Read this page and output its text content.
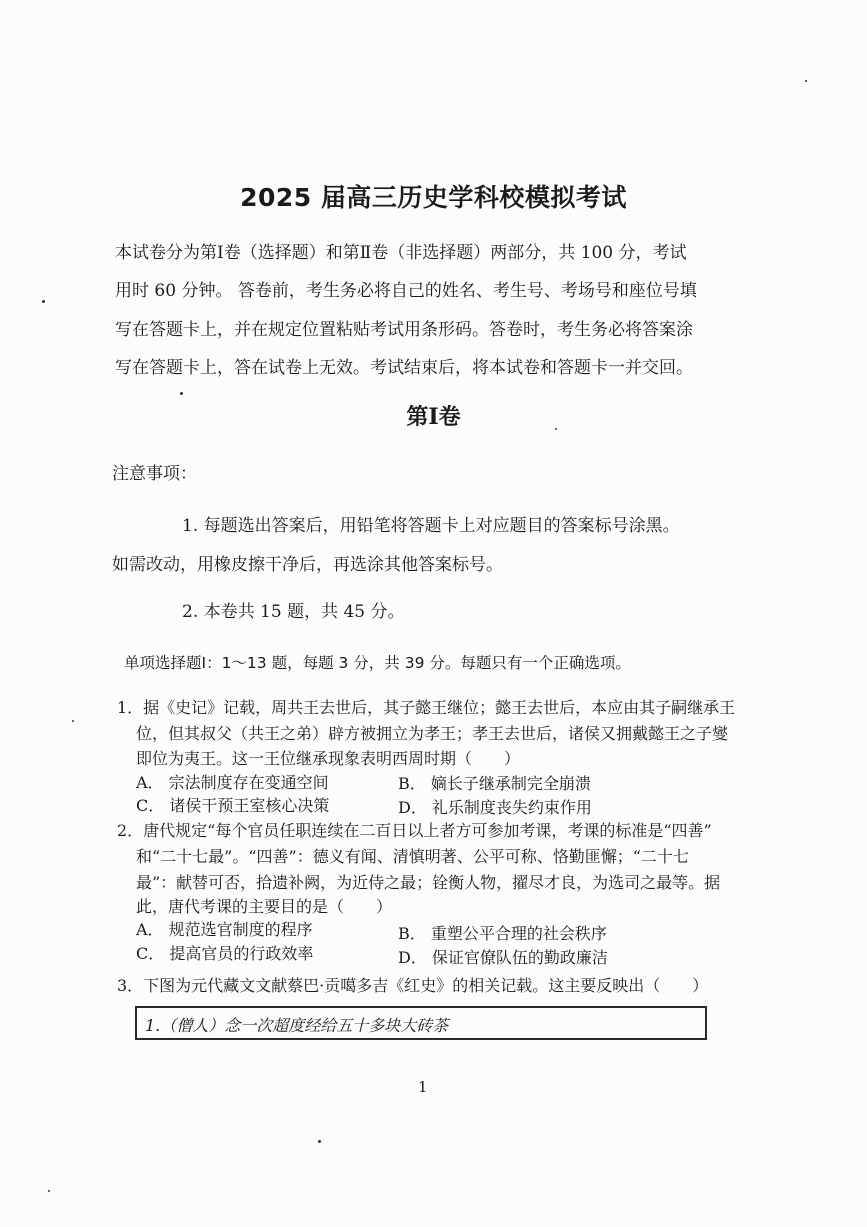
2025 届高三历史学科校模拟考试
本试卷分为第Ⅰ卷（选择题）和第Ⅱ卷（非选择题）两部分，共 100 分，考试
用时 60 分钟。 答卷前，考生务必将自己的姓名、考生号、考场号和座位号填
写在答题卡上，并在规定位置粘贴考试用条形码。答卷时，考生务必将答案涂
写在答题卡上，答在试卷上无效。考试结束后，将本试卷和答题卡一并交回。
第Ⅰ卷
注意事项：
1. 每题选出答案后，用铅笔将答题卡上对应题目的答案标号涂黑。
如需改动，用橡皮擦干净后，再选涂其他答案标号。
2. 本卷共 15 题，共 45 分。
单项选择题Ⅰ：1～13 题，每题 3 分，共 39 分。每题只有一个正确选项。
1．据《史记》记载，周共王去世后，其子懿王继位；懿王去世后，本应由其子嗣继承王
位，但其叔父（共王之弟）辟方被拥立为孝王；孝王去世后，诸侯又拥戴懿王之子燮
即位为夷王。这一王位继承现象表明西周时期（　　）
A． 宗法制度存在变通空间	B． 嫡长子继承制完全崩溃
C． 诸侯干预王室核心决策	D． 礼乐制度丧失约束作用
2．唐代规定“每个官员任职连续在二百日以上者方可参加考课，考课的标准是“四善”
和“二十七最”。“四善”：德义有闻、清慎明著、公平可称、恪勤匪懈；“二十七
最”：献替可否，拾遗补阙，为近侍之最；铨衡人物，擢尽才良，为选司之最等。据
此，唐代考课的主要目的是（　　）
A． 规范选官制度的程序	B． 重塑公平合理的社会秩序
C． 提高官员的行政效率	D． 保证官僚队伍的勤政廉洁
3．下图为元代藏文文献蔡巴·贡噶多吉《红史》的相关记载。这主要反映出（　　）
1.（僧人）念一次超度经给五十多块大砖茶
1
